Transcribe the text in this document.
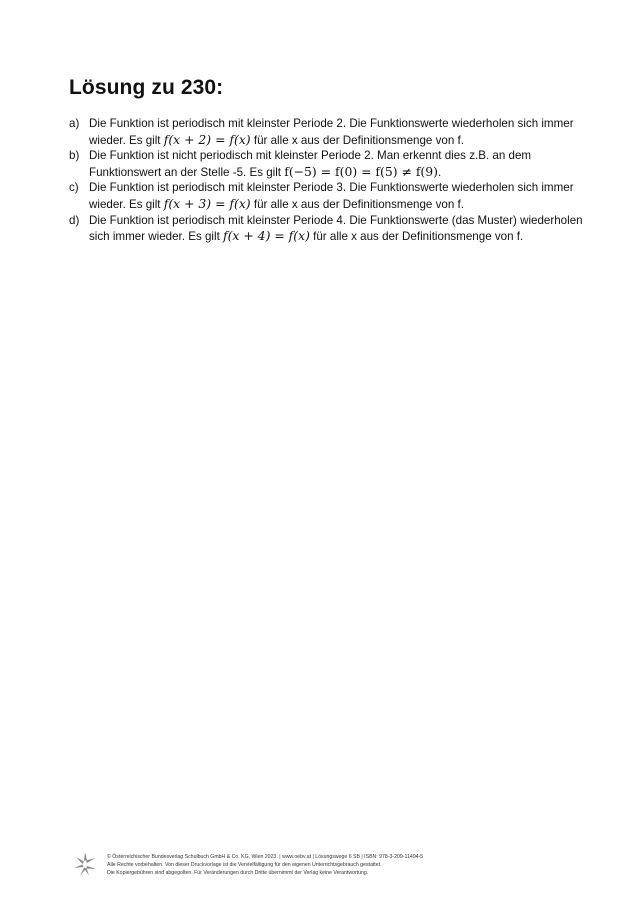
Lösung zu 230:
a) Die Funktion ist periodisch mit kleinster Periode 2. Die Funktionswerte wiederholen sich immer wieder. Es gilt f(x + 2) = f(x) für alle x aus der Definitionsmenge von f.
b) Die Funktion ist nicht periodisch mit kleinster Periode 2. Man erkennt dies z.B. an dem Funktionswert an der Stelle -5. Es gilt f(−5) = f(0) = f(5) ≠ f(9).
c) Die Funktion ist periodisch mit kleinster Periode 3. Die Funktionswerte wiederholen sich immer wieder. Es gilt f(x + 3) = f(x) für alle x aus der Definitionsmenge von f.
d) Die Funktion ist periodisch mit kleinster Periode 4. Die Funktionswerte (das Muster) wiederholen sich immer wieder. Es gilt f(x + 4) = f(x) für alle x aus der Definitionsmenge von f.
© Österreichischer Bundesverlag Schulbuch GmbH & Co. KG, Wien 2023. | www.oebv.at | Lösungswege 6 SB | ISBN: 978-3-209-11494-5
Alle Rechte vorbehalten. Von dieser Druckvorlage ist die Vervielfältigung für den eigenen Unterrichtsgebrauch gestattet.
Die Kopiergebühren sind abgegolten. Für Veränderungen durch Dritte übernimmt der Verlag keine Verantwortung.
